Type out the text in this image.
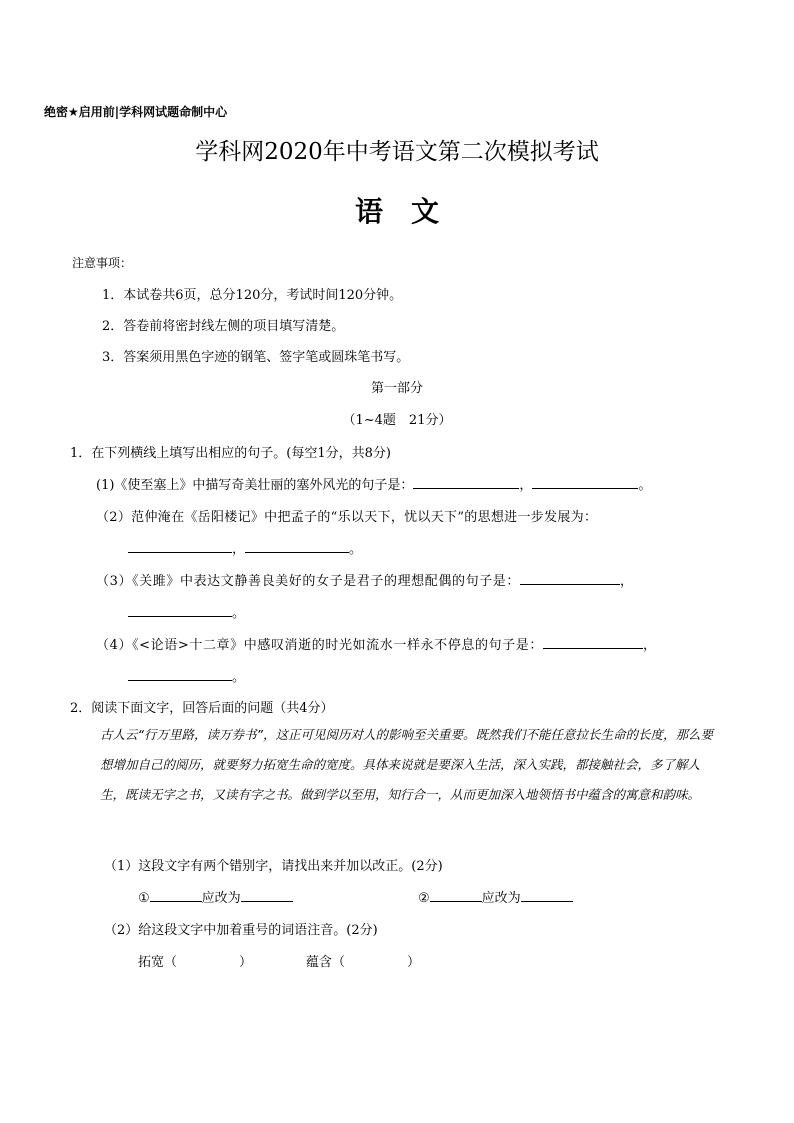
绝密★启用前|学科网试题命制中心
学科网2020年中考语文第二次模拟考试
语文
注意事项：
1．本试卷共6页，总分120分，考试时间120分钟。
2．答卷前将密封线左侧的项目填写清楚。
3．答案须用黑色字迹的钢笔、签字笔或圆珠笔书写。
第一部分
（1~4题　21分）
1．在下列横线上填写出相应的句子。(每空1分，共8分)
(1)《使至塞上》中描写奇美壮丽的塞外风光的句子是：	，	。
（2）范仲淹在《岳阳楼记》中把孟子的“乐以天下，忧以天下”的思想进一步发展为：
，	。
（3）《关雎》中表达文静善良美好的女子是君子的理想配偶的句子是：	，
。
（4）《<论语>十二章》中感叹消逝的时光如流水一样永不停息的句子是：	，
。
2．阅读下面文字，回答后面的问题（共4分）
古人云“行万里路，读万券书”，这正可见阅历对人的影响至关重要。既然我们不能任意拉长生命的长度，那么要想增加自己的阅历，就要努力拓宽生命的宽度。具体来说就是要深入生活，深入实践，都接触社会，多了解人生，既读无字之书，又读有字之书。做到学以至用，知行合一，从而更加深入地领悟书中蕴含的寓意和韵味。
（1）这段文字有两个错别字，请找出来并加以改正。(2分)
①	应改为	②	应改为
（2）给这段文字中加着重号的词语注音。(2分)
拓宽（	）	蕴含（	）
